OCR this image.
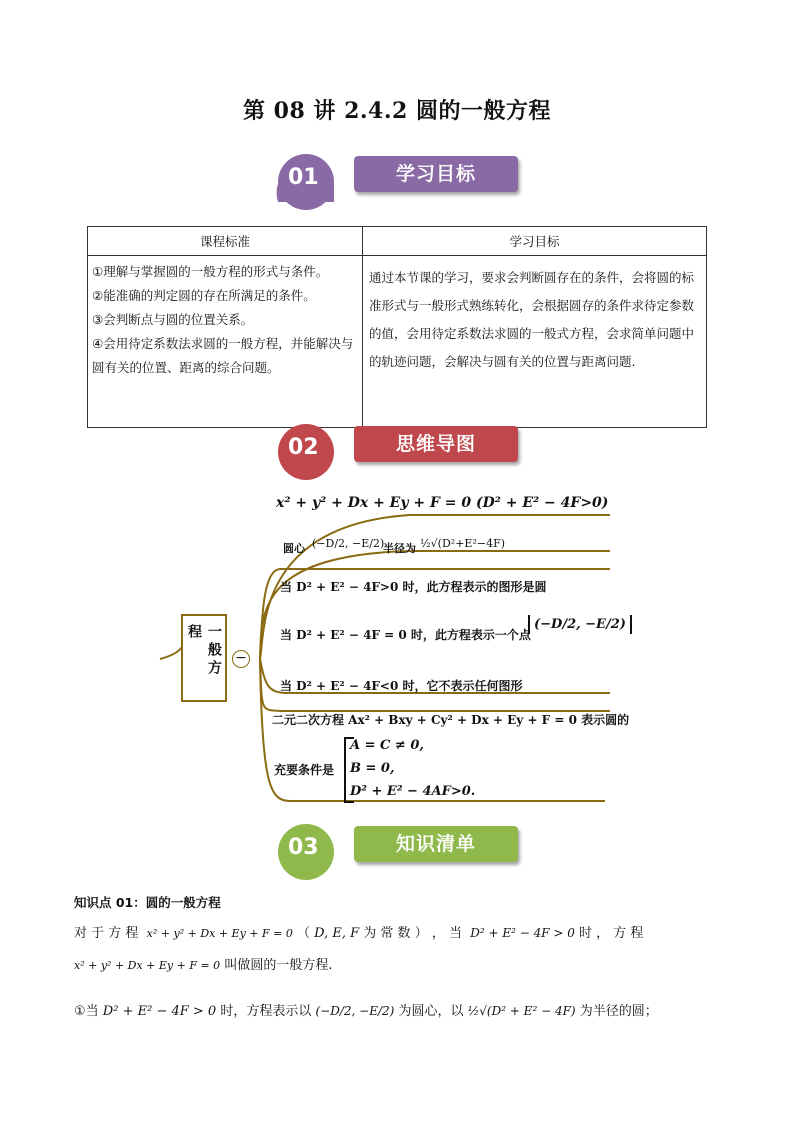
第 08 讲 2.4.2 圆的一般方程
01	学习目标
课程标准	学习目标

①理解与掌握圆的一般方程的形式与条件。
②能准确的判定圆的存在所满足的条件。
③会判断点与圆的位置关系。
④会用待定系数法求圆的一般方程，并能解决与圆有关的位置、距离的综合问题。	通过本节课的学习，要求会判断圆存在的条件，会将圆的标准形式与一般形式熟练转化，会根据圆存的条件求待定参数的值，会用待定系数法求圆的一般式方程，会求简单问题中的轨迹问题，会解决与圆有关的位置与距离问题.
02	思维导图
一般方程
−
x² + y² + Dx + Ey + F = 0 (D² + E² − 4F>0)
圆心 (−D/2, −E/2)
半径为 ½√(D²+E²−4F)
当 D² + E² − 4F>0 时，此方程表示的图形是圆
当 D² + E² − 4F = 0 时，此方程表示一个点
(−D/2, −E/2)
当 D² + E² − 4F<0 时，它不表示任何图形
二元二次方程 Ax² + Bxy + Cy² + Dx + Ey + F = 0 表示圆的
充要条件是
A = C ≠ 0,
B = 0,
D² + E² − 4AF>0.
03	知识清单
知识点 01：圆的一般方程
对 于 方 程 x² + y² + Dx + Ey + F = 0 （ D, E, F 为 常 数 ） ， 当 D² + E² − 4F > 0 时 ， 方 程
x² + y² + Dx + Ey + F = 0 叫做圆的一般方程.
①当 D² + E² − 4F > 0 时，方程表示以 (−D/2, −E/2) 为圆心，以 ½√(D² + E² − 4F) 为半径的圆；
